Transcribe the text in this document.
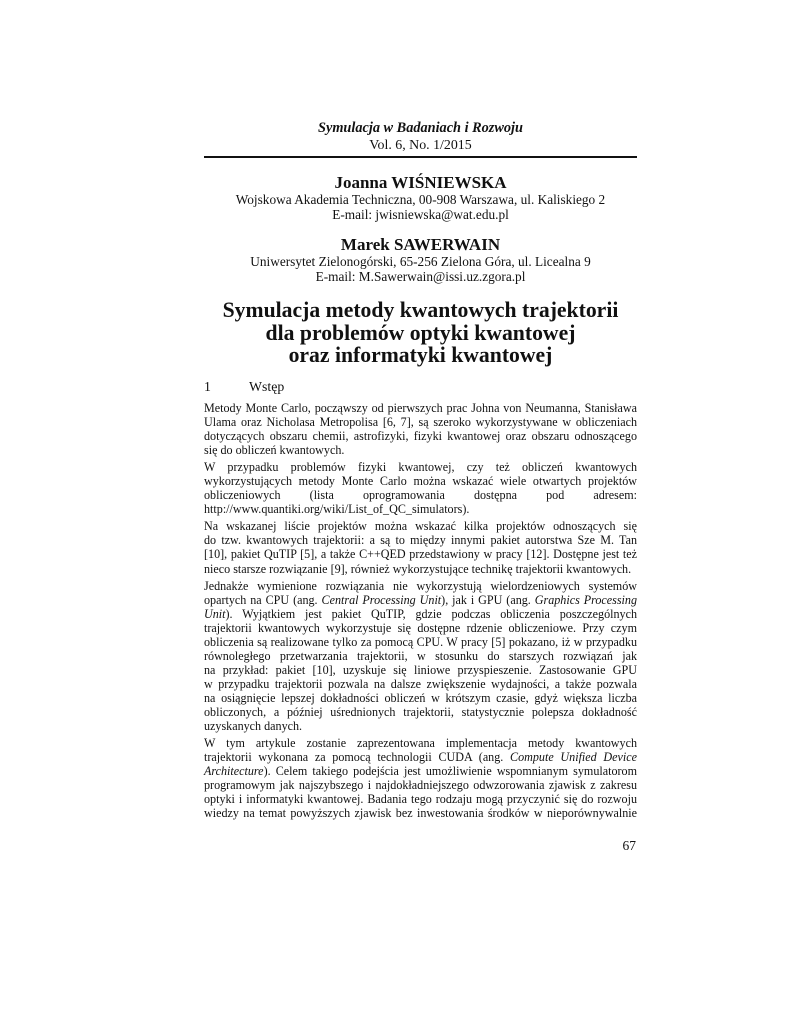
Symulacja w Badaniach i Rozwoju
Vol. 6, No. 1/2015
Joanna WIŚNIEWSKA
Wojskowa Akademia Techniczna, 00-908 Warszawa, ul. Kaliskiego 2
E-mail: jwisniewska@wat.edu.pl
Marek SAWERWAIN
Uniwersytet Zielonogórski, 65-256 Zielona Góra, ul. Licealna 9
E-mail: M.Sawerwain@issi.uz.zgora.pl
Symulacja metody kwantowych trajektorii
dla problemów optyki kwantowej
oraz informatyki kwantowej
1	Wstęp
Metody Monte Carlo, począwszy od pierwszych prac Johna von Neumanna, Stanisława
Ulama oraz Nicholasa Metropolisa [6, 7], są szeroko wykorzystywane w obliczeniach
dotyczących obszaru chemii, astrofizyki, fizyki kwantowej oraz obszaru odnoszącego
się do obliczeń kwantowych.
W przypadku problemów fizyki kwantowej, czy też obliczeń kwantowych
wykorzystujących metody Monte Carlo można wskazać wiele otwartych projektów
obliczeniowych (lista oprogramowania dostępna pod adresem:
http://www.quantiki.org/wiki/List_of_QC_simulators).
Na wskazanej liście projektów można wskazać kilka projektów odnoszących się
do tzw. kwantowych trajektorii: a są to między innymi pakiet autorstwa Sze M. Tan
[10], pakiet QuTIP [5], a także C++QED przedstawiony w pracy [12]. Dostępne jest też
nieco starsze rozwiązanie [9], również wykorzystujące technikę trajektorii kwantowych.
Jednakże wymienione rozwiązania nie wykorzystują wielordzeniowych systemów
opartych na CPU (ang. Central Processing Unit), jak i GPU (ang. Graphics Processing
Unit). Wyjątkiem jest pakiet QuTIP, gdzie podczas obliczenia poszczególnych
trajektorii kwantowych wykorzystuje się dostępne rdzenie obliczeniowe. Przy czym
obliczenia są realizowane tylko za pomocą CPU. W pracy [5] pokazano, iż w przypadku
równoległego przetwarzania trajektorii, w stosunku do starszych rozwiązań jak
na przykład: pakiet [10], uzyskuje się liniowe przyspieszenie. Zastosowanie GPU
w przypadku trajektorii pozwala na dalsze zwiększenie wydajności, a także pozwala
na osiągnięcie lepszej dokładności obliczeń w krótszym czasie, gdyż większa liczba
obliczonych, a później uśrednionych trajektorii, statystycznie polepsza dokładność
uzyskanych danych.
W tym artykule zostanie zaprezentowana implementacja metody kwantowych
trajektorii wykonana za pomocą technologii CUDA (ang. Compute Unified Device
Architecture). Celem takiego podejścia jest umożliwienie wspomnianym symulatorom
programowym jak najszybszego i najdokładniejszego odwzorowania zjawisk z zakresu
optyki i informatyki kwantowej. Badania tego rodzaju mogą przyczynić się do rozwoju
wiedzy na temat powyższych zjawisk bez inwestowania środków w nieporównywalnie
67
